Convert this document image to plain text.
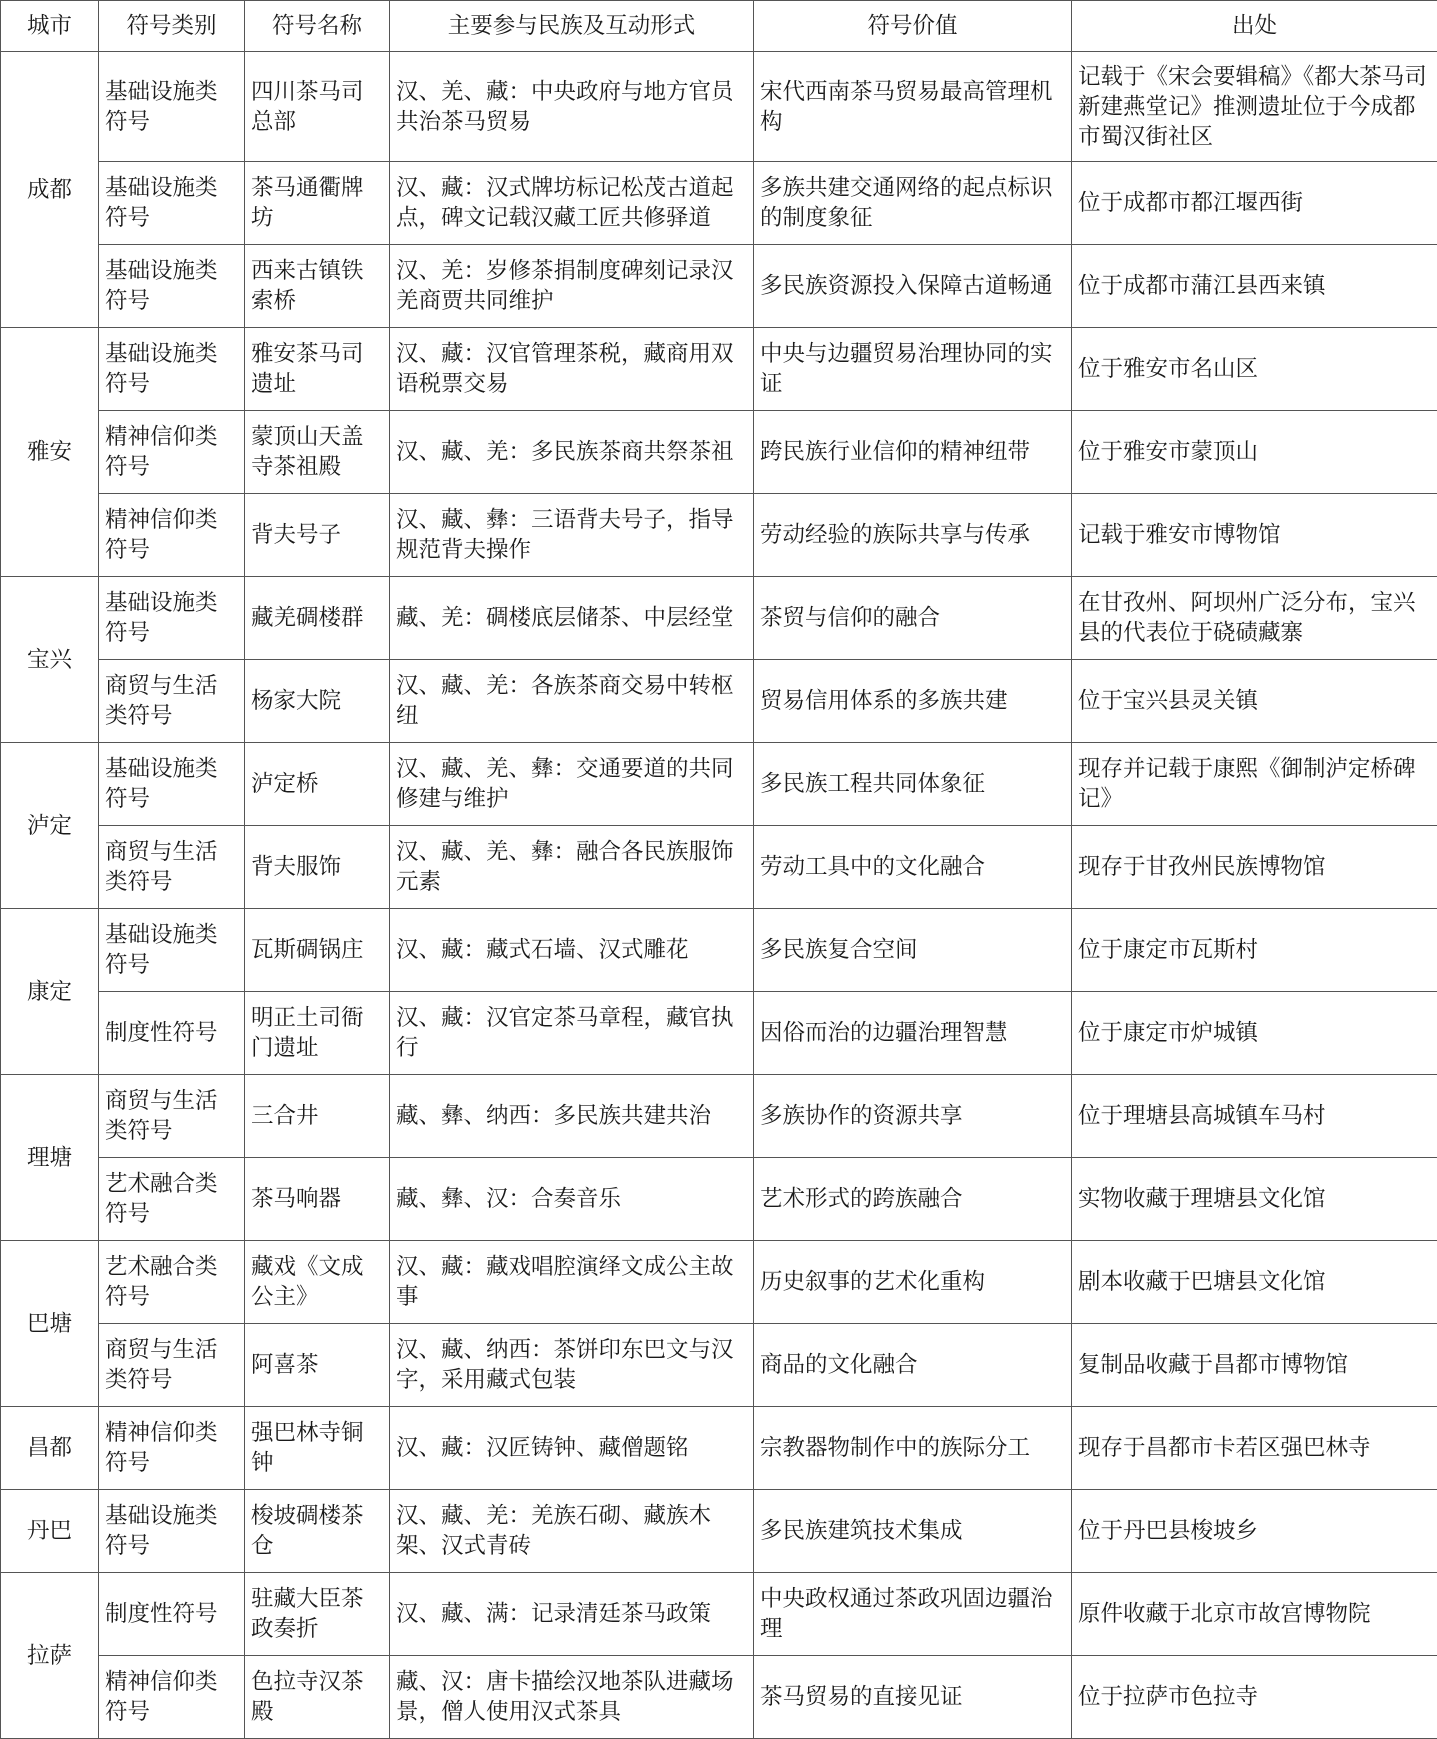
城市	符号类别	符号名称	主要参与民族及互动形式	符号价值	出处
成都	基础设施类符号	四川茶马司总部	汉、羌、藏：中央政府与地方官员共治茶马贸易	宋代西南茶马贸易最高管理机构	记载于《宋会要辑稿》《都大茶马司新建燕堂记》推测遗址位于今成都市蜀汉街社区
	基础设施类符号	茶马通衢牌坊	汉、藏：汉式牌坊标记松茂古道起点，碑文记载汉藏工匠共修驿道	多族共建交通网络的起点标识的制度象征	位于成都市都江堰西街
	基础设施类符号	西来古镇铁索桥	汉、羌：岁修茶捐制度碑刻记录汉羌商贾共同维护	多民族资源投入保障古道畅通	位于成都市蒲江县西来镇
雅安	基础设施类符号	雅安茶马司遗址	汉、藏：汉官管理茶税，藏商用双语税票交易	中央与边疆贸易治理协同的实证	位于雅安市名山区
	精神信仰类符号	蒙顶山天盖寺茶祖殿	汉、藏、羌：多民族茶商共祭茶祖	跨民族行业信仰的精神纽带	位于雅安市蒙顶山
	精神信仰类符号	背夫号子	汉、藏、彝：三语背夫号子，指导规范背夫操作	劳动经验的族际共享与传承	记载于雅安市博物馆
宝兴	基础设施类符号	藏羌碉楼群	藏、羌：碉楼底层储茶、中层经堂	茶贸与信仰的融合	在甘孜州、阿坝州广泛分布，宝兴县的代表位于硗碛藏寨
	商贸与生活类符号	杨家大院	汉、藏、羌：各族茶商交易中转枢纽	贸易信用体系的多族共建	位于宝兴县灵关镇
泸定	基础设施类符号	泸定桥	汉、藏、羌、彝：交通要道的共同修建与维护	多民族工程共同体象征	现存并记载于康熙《御制泸定桥碑记》
	商贸与生活类符号	背夫服饰	汉、藏、羌、彝：融合各民族服饰元素	劳动工具中的文化融合	现存于甘孜州民族博物馆
康定	基础设施类符号	瓦斯碉锅庄	汉、藏：藏式石墙、汉式雕花	多民族复合空间	位于康定市瓦斯村
	制度性符号	明正土司衙门遗址	汉、藏：汉官定茶马章程，藏官执行	因俗而治的边疆治理智慧	位于康定市炉城镇
理塘	商贸与生活类符号	三合井	藏、彝、纳西：多民族共建共治	多族协作的资源共享	位于理塘县高城镇车马村
	艺术融合类符号	茶马响器	藏、彝、汉：合奏音乐	艺术形式的跨族融合	实物收藏于理塘县文化馆
巴塘	艺术融合类符号	藏戏《文成公主》	汉、藏：藏戏唱腔演绎文成公主故事	历史叙事的艺术化重构	剧本收藏于巴塘县文化馆
	商贸与生活类符号	阿喜茶	汉、藏、纳西：茶饼印东巴文与汉字，采用藏式包装	商品的文化融合	复制品收藏于昌都市博物馆
昌都	精神信仰类符号	强巴林寺铜钟	汉、藏：汉匠铸钟、藏僧题铭	宗教器物制作中的族际分工	现存于昌都市卡若区强巴林寺
丹巴	基础设施类符号	梭坡碉楼茶仓	汉、藏、羌：羌族石砌、藏族木架、汉式青砖	多民族建筑技术集成	位于丹巴县梭坡乡
拉萨	制度性符号	驻藏大臣茶政奏折	汉、藏、满：记录清廷茶马政策	中央政权通过茶政巩固边疆治理	原件收藏于北京市故宫博物院
	精神信仰类符号	色拉寺汉茶殿	藏、汉：唐卡描绘汉地茶队进藏场景，僧人使用汉式茶具	茶马贸易的直接见证	位于拉萨市色拉寺
